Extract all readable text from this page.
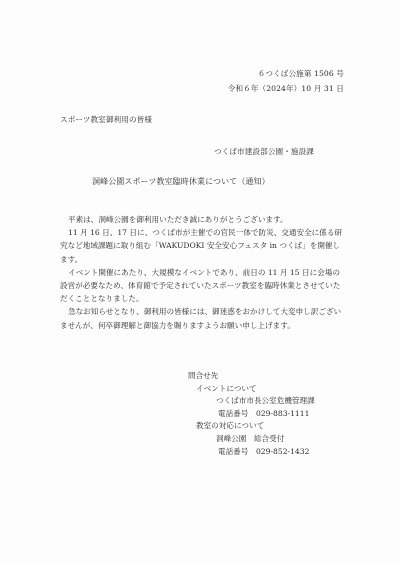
６つくば公施第 1506 号
令和６年（2024年）10 月 31 日
スポーツ教室御利用の皆様
つくば市建設部公園・施設課
洞峰公園スポーツ教室臨時休業について（通知）

平素は、洞峰公園を御利用いただき誠にありがとうございます。

11 月 16 日、17 日に、つくば市が主催での官民一体で防災、交通安全に係る研究など地域課題に取り組む「WAKUDOKI 安全安心フェスタ in つくば」を開催します。

イベント開催にあたり、大規模なイベントであり、前日の 11 月 15 日に会場の設営が必要なため、体育館で予定されていたスポーツ教室を臨時休業とさせていただくこととなりました。

急なお知らせとなり、御利用の皆様には、御迷惑をおかけして大変申し訳ございませんが、何卒御理解と御協力を賜りますようお願い申し上げます。

問合せ先
イベントについて
つくば市市長公室危機管理課
電話番号　029-883-1111
教室の対応について
洞峰公園　総合受付
電話番号　029-852-1432
